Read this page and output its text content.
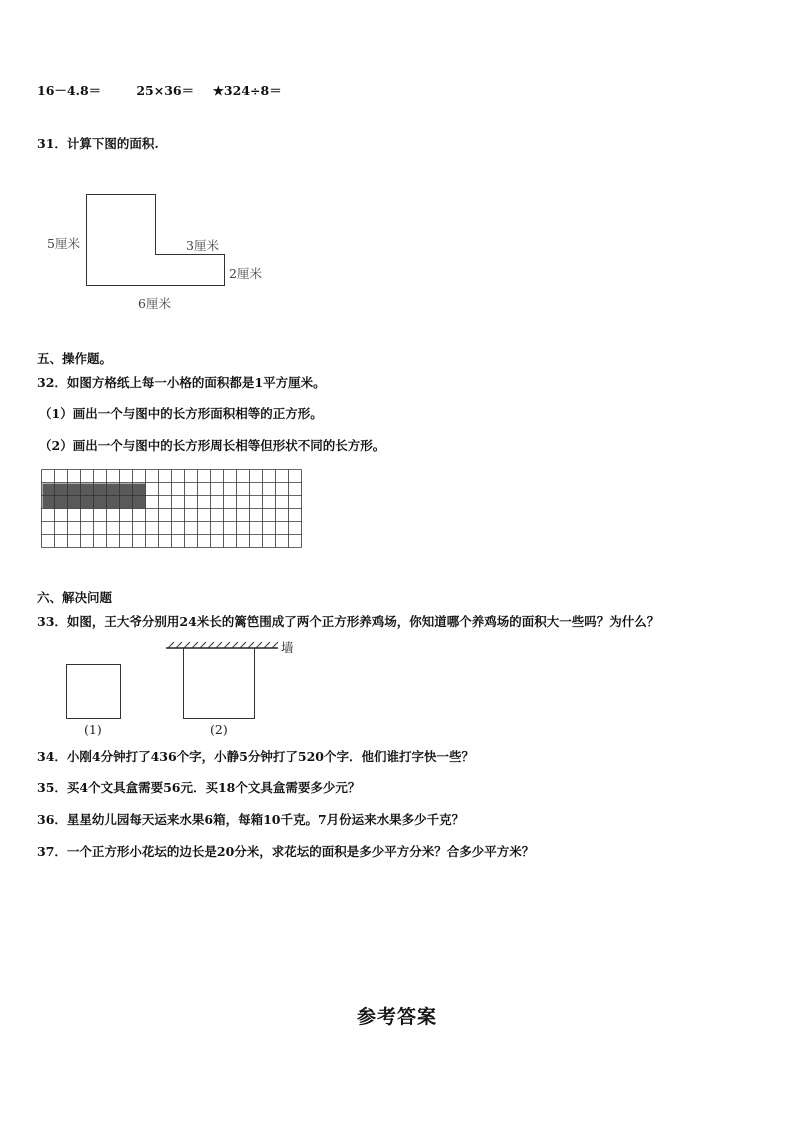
16－4.8＝	25×36＝ ★324÷8＝
31．计算下图的面积.
5厘米	3厘米
2厘米
6厘米
五、操作题。
32．如图方格纸上每一小格的面积都是1平方厘米。
（1）画出一个与图中的长方形面积相等的正方形。
（2）画出一个与图中的长方形周长相等但形状不同的长方形。
六、解决问题
33．如图，王大爷分别用24米长的篱笆围成了两个正方形养鸡场，你知道哪个养鸡场的面积大一些吗？为什么？
墙
(1)	(2)
34．小刚4分钟打了436个字，小静5分钟打了520个字．他们谁打字快一些？
35．买4个文具盒需要56元．买18个文具盒需要多少元？
36．星星幼儿园每天运来水果6箱，每箱10千克。7月份运来水果多少千克？
37．一个正方形小花坛的边长是20分米，求花坛的面积是多少平方分米？合多少平方米？
参考答案
